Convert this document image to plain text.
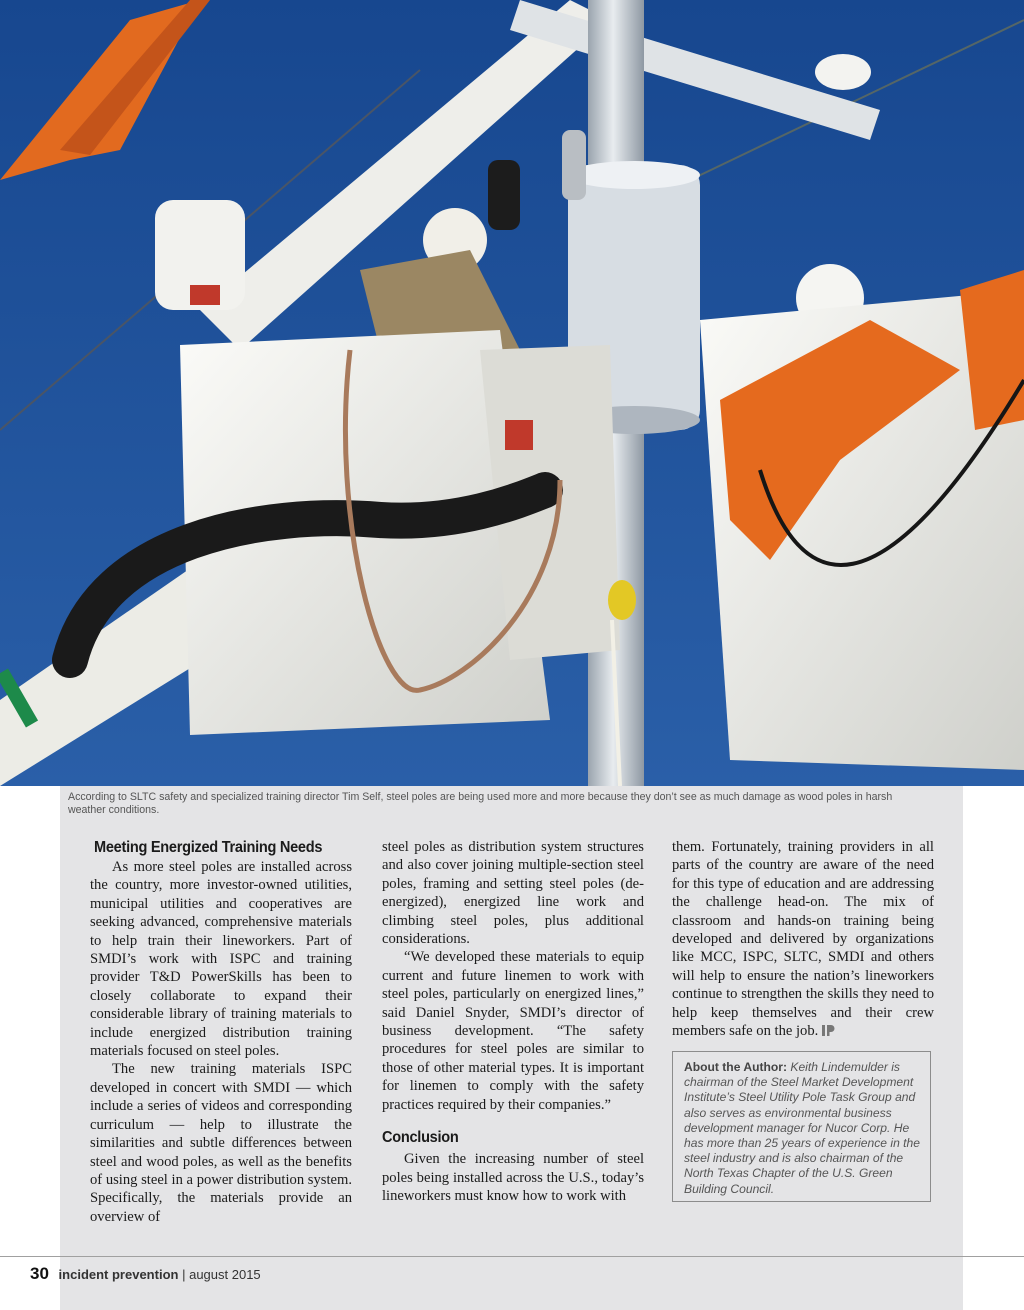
According to SLTC safety and specialized training director Tim Self, steel poles are being used more and more because they don’t see as much damage as wood poles in harsh weather conditions.
Meeting Energized Training Needs

As more steel poles are installed across the country, more investor-owned utilities, municipal utilities and cooperatives are seeking advanced, comprehensive materials to help train their lineworkers. Part of SMDI’s work with ISPC and training provider T&D PowerSkills has been to closely collaborate to expand their considerable library of training materials to include energized distribution training materials focused on steel poles.

The new training materials ISPC developed in concert with SMDI — which include a series of videos and corresponding curriculum — help to illustrate the similarities and subtle differences between steel and wood poles, as well as the benefits of using steel in a power distribution system. Specifically, the materials provide an overview of

steel poles as distribution system structures and also cover joining multiple-section steel poles, framing and setting steel poles (de-energized), energized line work and climbing steel poles, plus additional considerations.

“We developed these materials to equip current and future linemen to work with steel poles, particularly on energized lines,” said Daniel Snyder, SMDI’s director of business development. “The safety procedures for steel poles are similar to those of other material types. It is important for linemen to comply with the safety practices required by their companies.”

Conclusion

Given the increasing number of steel poles being installed across the U.S., today’s lineworkers must know how to work with

them. Fortunately, training providers in all parts of the country are aware of the need for this type of education and are addressing the challenge head-on. The mix of classroom and hands-on training being developed and delivered by organizations like MCC, ISPC, SLTC, SMDI and others will help to ensure the nation’s lineworkers continue to strengthen the skills they need to help keep themselves and their crew members safe on the job.

About the Author: Keith Lindemulder is chairman of the Steel Market Development Institute’s Steel Utility Pole Task Group and also serves as environmental business development manager for Nucor Corp. He has more than 25 years of experience in the steel industry and is also chairman of the North Texas Chapter of the U.S. Green Building Council.
30 incident prevention | august 2015
